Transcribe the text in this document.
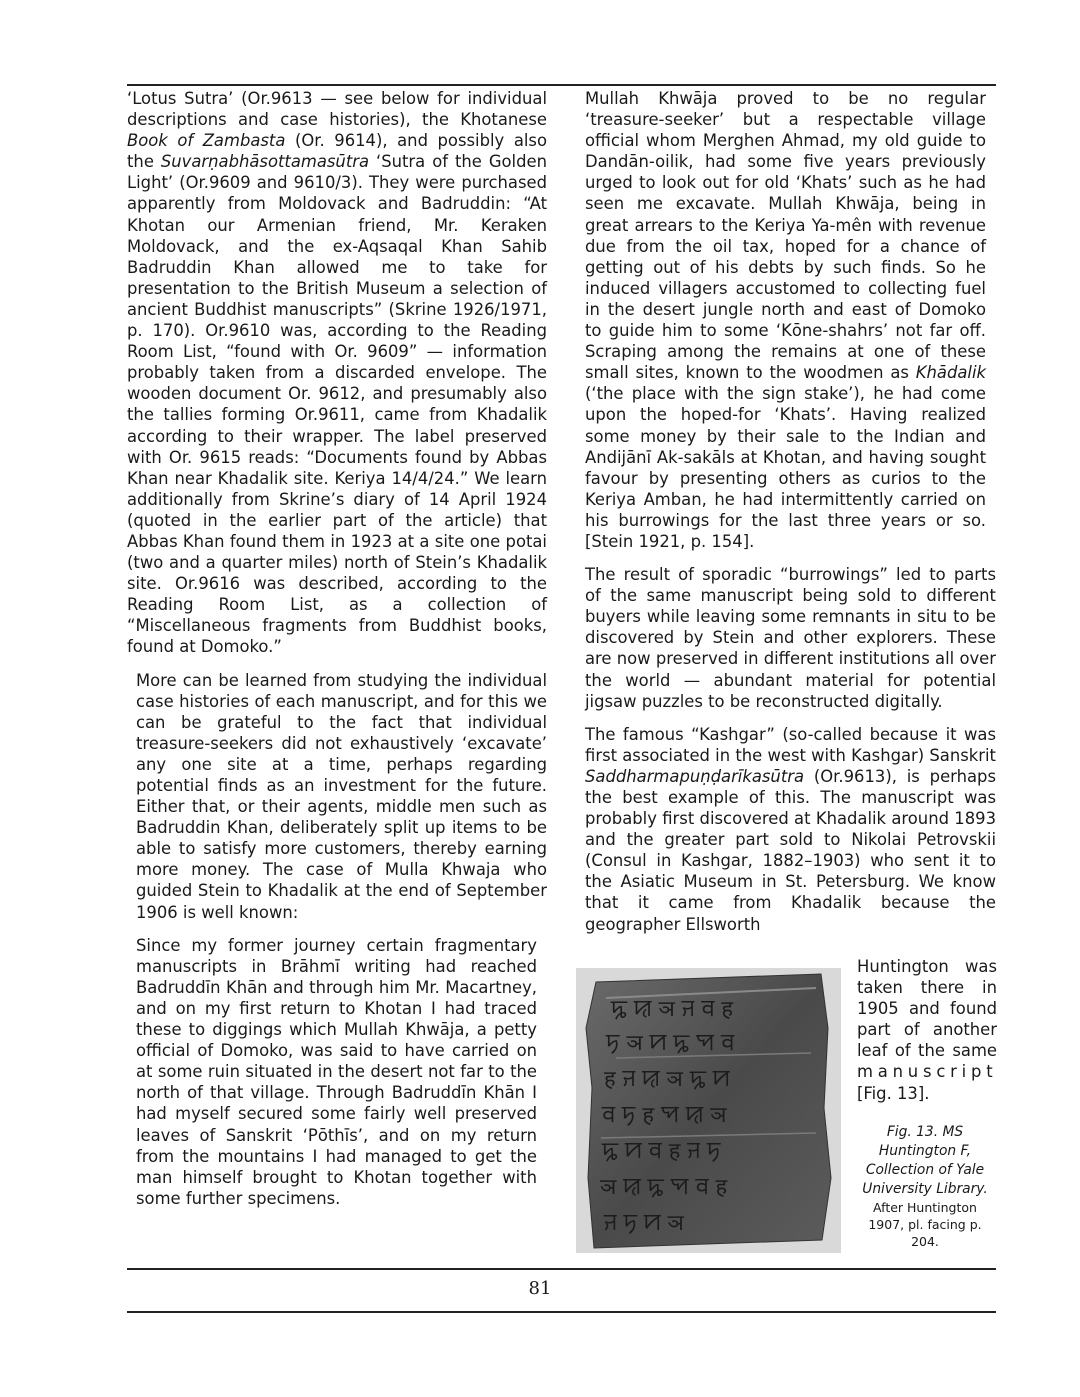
‘Lotus Sutra’ (Or.9613 — see below for individual descriptions and case histories), the Khotanese Book of Zambasta (Or. 9614), and possibly also the Suvarṇabhāsottamasūtra ‘Sutra of the Golden Light’ (Or.9609 and 9610/3). They were purchased apparently from Moldovack and Badruddin: “At Khotan our Armenian friend, Mr. Keraken Moldovack, and the ex-Aqsaqal Khan Sahib Badruddin Khan allowed me to take for presentation to the British Museum a selection of ancient Buddhist manuscripts” (Skrine 1926/1971, p. 170). Or.9610 was, according to the Reading Room List, “found with Or. 9609” — information probably taken from a discarded envelope. The wooden document Or. 9612, and presumably also the tallies forming Or.9611, came from Khadalik according to their wrapper. The label preserved with Or. 9615 reads: “Documents found by Abbas Khan near Khadalik site. Keriya 14/4/24.” We learn additionally from Skrine’s diary of 14 April 1924 (quoted in the earlier part of the article) that Abbas Khan found them in 1923 at a site one potai (two and a quarter miles) north of Stein’s Khadalik site. Or.9616 was described, according to the Reading Room List, as a collection of “Miscellaneous fragments from Buddhist books, found at Domoko.”

More can be learned from studying the individual case histories of each manuscript, and for this we can be grateful to the fact that individual treasure-seekers did not exhaustively ‘excavate’ any one site at a time, perhaps regarding potential finds as an investment for the future. Either that, or their agents, middle men such as Badruddin Khan, deliberately split up items to be able to satisfy more customers, thereby earning more money. The case of Mulla Khwaja who guided Stein to Khadalik at the end of September 1906 is well known:

Since my former journey certain fragmentary manuscripts in Brāhmī writing had reached Badruddīn Khān and through him Mr. Macartney, and on my first return to Khotan I had traced these to diggings which Mullah Khwāja, a petty official of Domoko, was said to have carried on at some ruin situated in the desert not far to the north of that village. Through Badruddīn Khān I had myself secured some fairly well preserved leaves of Sanskrit ‘Pōthīs’, and on my return from the mountains I had managed to get the man himself brought to Khotan together with some further specimens.

Mullah Khwāja proved to be no regular ‘treasure-seeker’ but a respectable village official whom Merghen Ahmad, my old guide to Dandān-oilik, had some five years previously urged to look out for old ‘Khats’ such as he had seen me excavate. Mullah Khwāja, being in great arrears to the Keriya Ya-mên with revenue due from the oil tax, hoped for a chance of getting out of his debts by such finds. So he induced villagers accustomed to collecting fuel in the desert jungle north and east of Domoko to guide him to some ‘Kōne-shahrs’ not far off. Scraping among the remains at one of these small sites, known to the woodmen as Khādalik (‘the place with the sign stake’), he had come upon the hoped-for ‘Khats’. Having realized some money by their sale to the Indian and Andijānī Ak-sakāls at Khotan, and having sought favour by presenting others as curios to the Keriya Amban, he had intermittently carried on his burrowings for the last three years or so. [Stein 1921, p. 154].

The result of sporadic “burrowings” led to parts of the same manuscript being sold to different buyers while leaving some remnants in situ to be discovered by Stein and other explorers. These are now preserved in different institutions all over the world — abundant material for potential jigsaw puzzles to be reconstructed digitally.

The famous “Kashgar” (so-called because it was first associated in the west with Kashgar) Sanskrit Saddharmapuṇḍarīkasūtra (Or.9613), is perhaps the best example of this. The manuscript was probably first discovered at Khadalik around 1893 and the greater part sold to Nikolai Petrovskii (Consul in Kashgar, 1882–1903) who sent it to the Asiatic Museum in St. Petersburg. We know that it came from Khadalik because the geographer Ellsworth

ꠍ ꠢ ञ ꠔ ꠛ ह
ꠠ ञ ꠙ ꠍ ꠗ ꠛ
ह ꠔ ꠢ ञ ꠍ ꠙ
ꠛ ꠠ ह ꠗ ꠢ ञ
ꠍ ꠙ ꠛ ह ꠔ ꠠ
ञ ꠢ ꠍ ꠗ ꠛ ह
ꠔ ꠠ ꠙ ञ
Huntington was taken there in 1905 and found part of another leaf of the same manuscript
[Fig. 13].
Fig. 13. MS Huntington F, Collection of Yale University Library.
After Huntington 1907, pl. facing p. 204.
81
